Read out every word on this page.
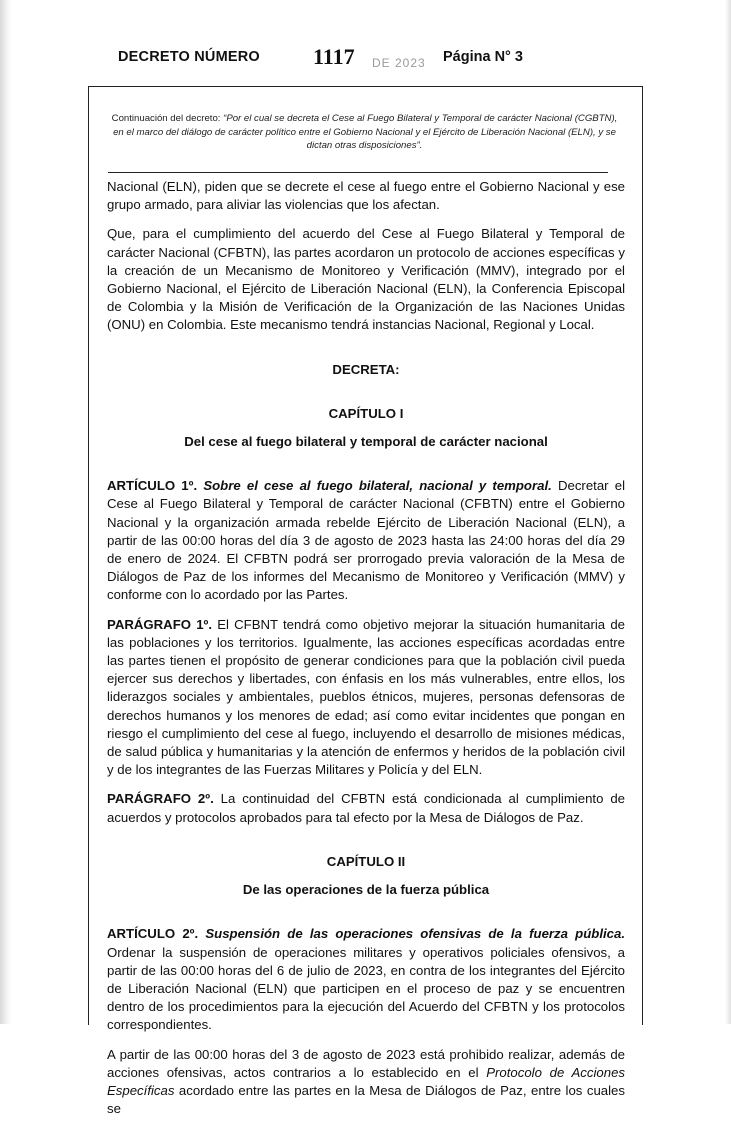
DECRETO NÚMERO 1117 DE 2023 Página N° 3
Continuación del decreto: “Por el cual se decreta el Cese al Fuego Bilateral y Temporal de carácter Nacional (CGBTN), en el marco del diálogo de carácter político entre el Gobierno Nacional y el Ejército de Liberación Nacional (ELN), y se dictan otras disposiciones”.

Nacional (ELN), piden que se decrete el cese al fuego entre el Gobierno Nacional y ese grupo armado, para aliviar las violencias que los afectan.

Que, para el cumplimiento del acuerdo del Cese al Fuego Bilateral y Temporal de carácter Nacional (CFBTN), las partes acordaron un protocolo de acciones específicas y la creación de un Mecanismo de Monitoreo y Verificación (MMV), integrado por el Gobierno Nacional, el Ejército de Liberación Nacional (ELN), la Conferencia Episcopal de Colombia y la Misión de Verificación de la Organización de las Naciones Unidas (ONU) en Colombia. Este mecanismo tendrá instancias Nacional, Regional y Local.

DECRETA:

CAPÍTULO I

Del cese al fuego bilateral y temporal de carácter nacional

ARTÍCULO 1º. Sobre el cese al fuego bilateral, nacional y temporal. Decretar el Cese al Fuego Bilateral y Temporal de carácter Nacional (CFBTN) entre el Gobierno Nacional y la organización armada rebelde Ejército de Liberación Nacional (ELN), a partir de las 00:00 horas del día 3 de agosto de 2023 hasta las 24:00 horas del día 29 de enero de 2024. El CFBTN podrá ser prorrogado previa valoración de la Mesa de Diálogos de Paz de los informes del Mecanismo de Monitoreo y Verificación (MMV) y conforme con lo acordado por las Partes.

PARÁGRAFO 1º. El CFBNT tendrá como objetivo mejorar la situación humanitaria de las poblaciones y los territorios. Igualmente, las acciones específicas acordadas entre las partes tienen el propósito de generar condiciones para que la población civil pueda ejercer sus derechos y libertades, con énfasis en los más vulnerables, entre ellos, los liderazgos sociales y ambientales, pueblos étnicos, mujeres, personas defensoras de derechos humanos y los menores de edad; así como evitar incidentes que pongan en riesgo el cumplimiento del cese al fuego, incluyendo el desarrollo de misiones médicas, de salud pública y humanitarias y la atención de enfermos y heridos de la población civil y de los integrantes de las Fuerzas Militares y Policía y del ELN.

PARÁGRAFO 2º. La continuidad del CFBTN está condicionada al cumplimiento de acuerdos y protocolos aprobados para tal efecto por la Mesa de Diálogos de Paz.

CAPÍTULO II

De las operaciones de la fuerza pública

ARTÍCULO 2º. Suspensión de las operaciones ofensivas de la fuerza pública. Ordenar la suspensión de operaciones militares y operativos policiales ofensivos, a partir de las 00:00 horas del 6 de julio de 2023, en contra de los integrantes del Ejército de Liberación Nacional (ELN) que participen en el proceso de paz y se encuentren dentro de los procedimientos para la ejecución del Acuerdo del CFBTN y los protocolos correspondientes.

A partir de las 00:00 horas del 3 de agosto de 2023 está prohibido realizar, además de acciones ofensivas, actos contrarios a lo establecido en el Protocolo de Acciones Específicas acordado entre las partes en la Mesa de Diálogos de Paz, entre los cuales se
